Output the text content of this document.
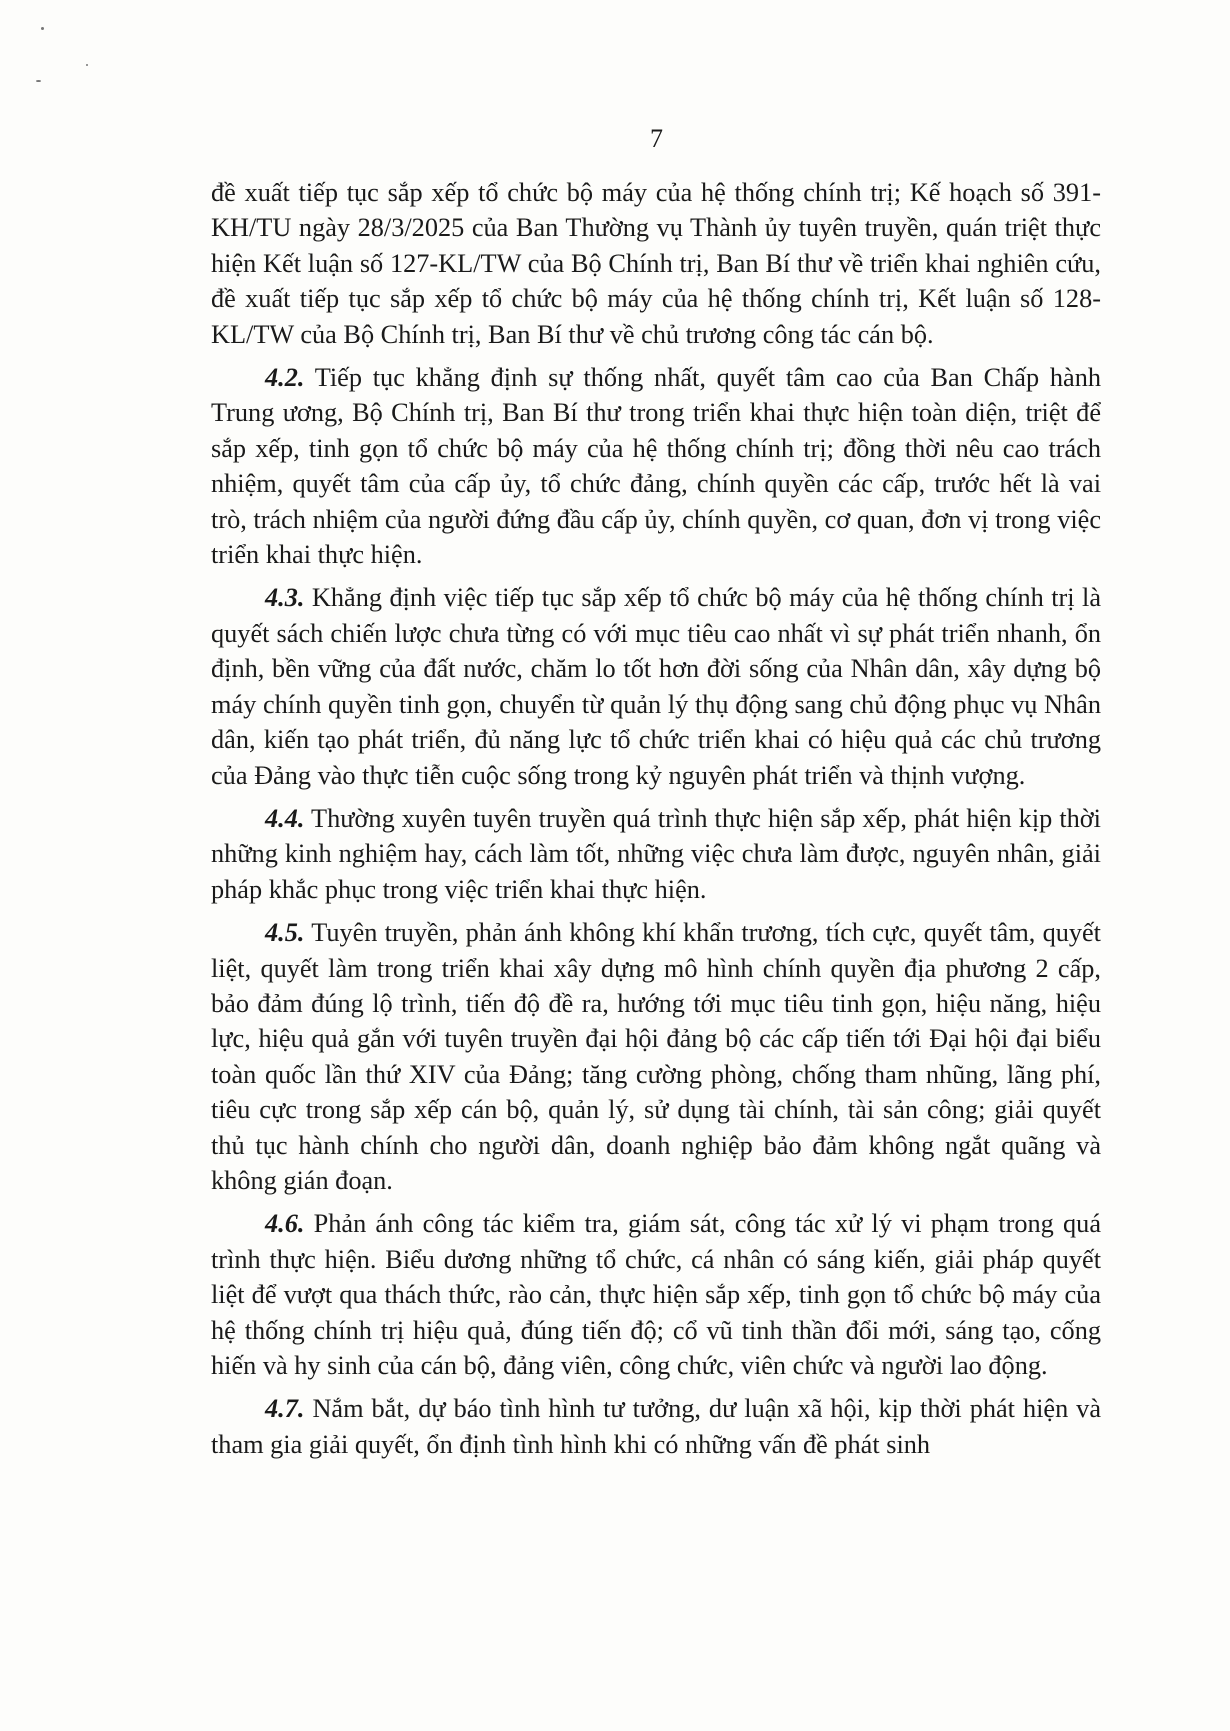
7

đề xuất tiếp tục sắp xếp tổ chức bộ máy của hệ thống chính trị; Kế hoạch số 391-KH/TU ngày 28/3/2025 của Ban Thường vụ Thành ủy tuyên truyền, quán triệt thực hiện Kết luận số 127-KL/TW của Bộ Chính trị, Ban Bí thư về triển khai nghiên cứu, đề xuất tiếp tục sắp xếp tổ chức bộ máy của hệ thống chính trị, Kết luận số 128-KL/TW của Bộ Chính trị, Ban Bí thư về chủ trương công tác cán bộ.

4.2. Tiếp tục khẳng định sự thống nhất, quyết tâm cao của Ban Chấp hành Trung ương, Bộ Chính trị, Ban Bí thư trong triển khai thực hiện toàn diện, triệt để sắp xếp, tinh gọn tổ chức bộ máy của hệ thống chính trị; đồng thời nêu cao trách nhiệm, quyết tâm của cấp ủy, tổ chức đảng, chính quyền các cấp, trước hết là vai trò, trách nhiệm của người đứng đầu cấp ủy, chính quyền, cơ quan, đơn vị trong việc triển khai thực hiện.

4.3. Khẳng định việc tiếp tục sắp xếp tổ chức bộ máy của hệ thống chính trị là quyết sách chiến lược chưa từng có với mục tiêu cao nhất vì sự phát triển nhanh, ổn định, bền vững của đất nước, chăm lo tốt hơn đời sống của Nhân dân, xây dựng bộ máy chính quyền tinh gọn, chuyển từ quản lý thụ động sang chủ động phục vụ Nhân dân, kiến tạo phát triển, đủ năng lực tổ chức triển khai có hiệu quả các chủ trương của Đảng vào thực tiễn cuộc sống trong kỷ nguyên phát triển và thịnh vượng.

4.4. Thường xuyên tuyên truyền quá trình thực hiện sắp xếp, phát hiện kịp thời những kinh nghiệm hay, cách làm tốt, những việc chưa làm được, nguyên nhân, giải pháp khắc phục trong việc triển khai thực hiện.

4.5. Tuyên truyền, phản ánh không khí khẩn trương, tích cực, quyết tâm, quyết liệt, quyết làm trong triển khai xây dựng mô hình chính quyền địa phương 2 cấp, bảo đảm đúng lộ trình, tiến độ đề ra, hướng tới mục tiêu tinh gọn, hiệu năng, hiệu lực, hiệu quả gắn với tuyên truyền đại hội đảng bộ các cấp tiến tới Đại hội đại biểu toàn quốc lần thứ XIV của Đảng; tăng cường phòng, chống tham nhũng, lãng phí, tiêu cực trong sắp xếp cán bộ, quản lý, sử dụng tài chính, tài sản công; giải quyết thủ tục hành chính cho người dân, doanh nghiệp bảo đảm không ngắt quãng và không gián đoạn.

4.6. Phản ánh công tác kiểm tra, giám sát, công tác xử lý vi phạm trong quá trình thực hiện. Biểu dương những tổ chức, cá nhân có sáng kiến, giải pháp quyết liệt để vượt qua thách thức, rào cản, thực hiện sắp xếp, tinh gọn tổ chức bộ máy của hệ thống chính trị hiệu quả, đúng tiến độ; cổ vũ tinh thần đổi mới, sáng tạo, cống hiến và hy sinh của cán bộ, đảng viên, công chức, viên chức và người lao động.

4.7. Nắm bắt, dự báo tình hình tư tưởng, dư luận xã hội, kịp thời phát hiện và tham gia giải quyết, ổn định tình hình khi có những vấn đề phát sinh
